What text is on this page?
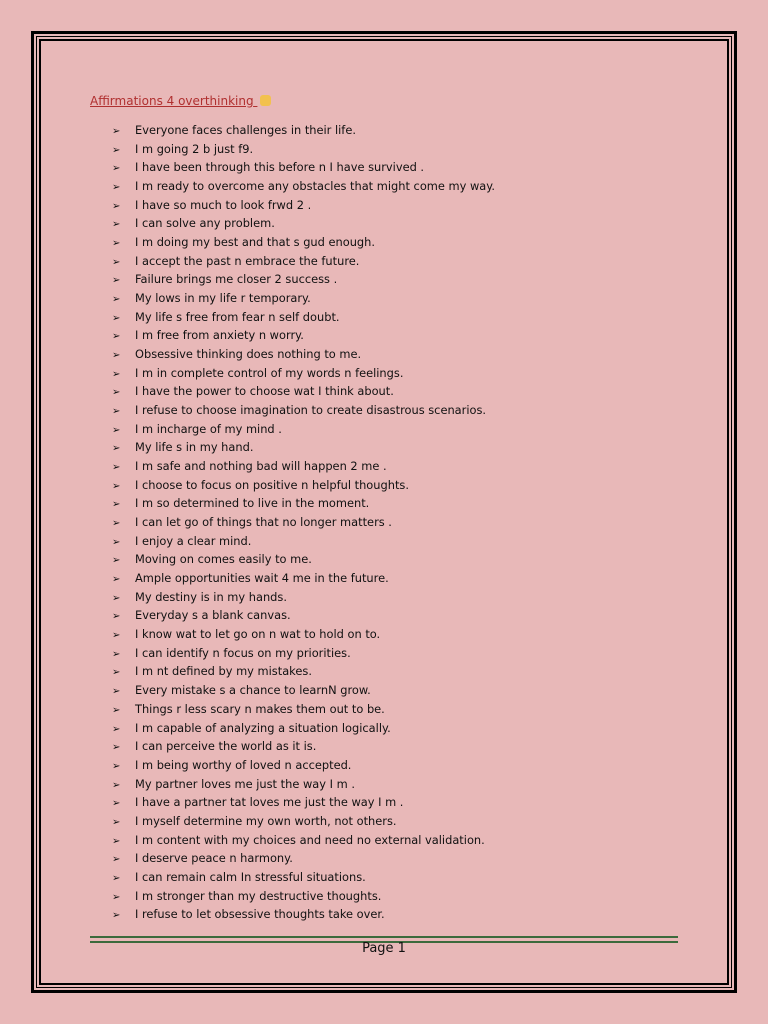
Affirmations 4 overthinking
➢ Everyone faces challenges in their life.
➢ I m going 2 b just f9.
➢ I have been through this before n I have survived .
➢ I m ready to overcome any obstacles that might come my way.
➢ I have so much to look frwd 2 .
➢ I can solve any problem.
➢ I m doing my best and that s gud enough.
➢ I accept the past n embrace the future.
➢ Failure brings me closer 2 success .
➢ My lows in my life r temporary.
➢ My life s free from fear n self doubt.
➢ I m free from anxiety n worry.
➢ Obsessive thinking does nothing to me.
➢ I m in complete control of my words n feelings.
➢ I have the power to choose wat I think about.
➢ I refuse to choose imagination to create disastrous scenarios.
➢ I m incharge of my mind .
➢ My life s in my hand.
➢ I m safe and nothing bad will happen 2 me .
➢ I choose to focus on positive n helpful thoughts.
➢ I m so determined to live in the moment.
➢ I can let go of things that no longer matters .
➢ I enjoy a clear mind.
➢ Moving on comes easily to me.
➢ Ample opportunities wait 4 me in the future.
➢ My destiny is in my hands.
➢ Everyday s a blank canvas.
➢ I know wat to let go on n wat to hold on to.
➢ I can identify n focus on my priorities.
➢ I m nt defined by my mistakes.
➢ Every mistake s a chance to learnN grow.
➢ Things r less scary n makes them out to be.
➢ I m capable of analyzing a situation logically.
➢ I can perceive the world as it is.
➢ I m being worthy of loved n accepted.
➢ My partner loves me just the way I m .
➢ I have a partner tat loves me just the way I m .
➢ I myself determine my own worth, not others.
➢ I m content with my choices and need no external validation.
➢ I deserve peace n harmony.
➢ I can remain calm In stressful situations.
➢ I m stronger than my destructive thoughts.
➢ I refuse to let obsessive thoughts take over.
Page 1
